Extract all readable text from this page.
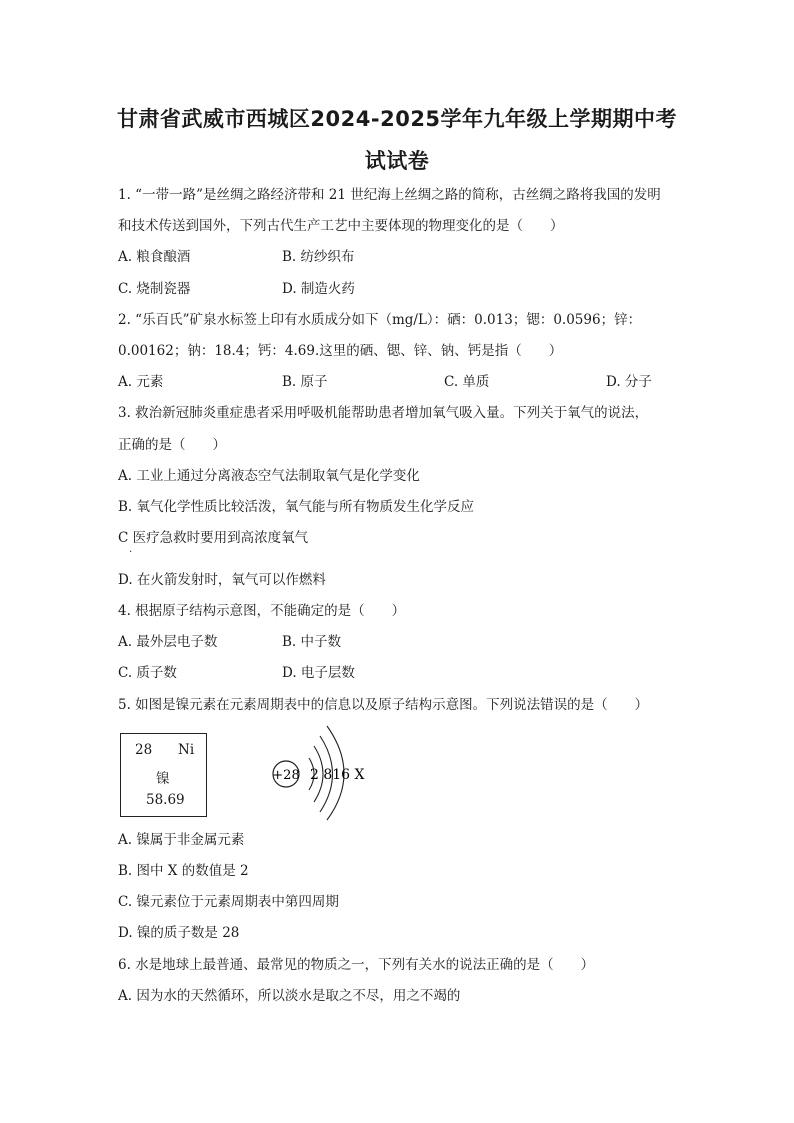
甘肃省武威市西城区2024-2025学年九年级上学期期中考
试试卷
1. “一带一路”是丝绸之路经济带和 21 世纪海上丝绸之路的简称，古丝绸之路将我国的发明
和技术传送到国外，下列古代生产工艺中主要体现的物理变化的是（　　）
A. 粮食酿酒	B. 纺纱织布
C. 烧制瓷器	D. 制造火药
2. “乐百氏”矿泉水标签上印有水质成分如下（mg/L）：硒：0.013；锶：0.0596；锌：
0.00162；钠：18.4；钙：4.69.这里的硒、锶、锌、钠、钙是指（　　）
A. 元素	B. 原子	C. 单质	D. 分子
3. 救治新冠肺炎重症患者采用呼吸机能帮助患者增加氧气吸入量。下列关于氧气的说法，
正确的是（　　）
A. 工业上通过分离液态空气法制取氧气是化学变化
B. 氧气化学性质比较活泼，氧气能与所有物质发生化学反应
C 医疗急救时要用到高浓度氧气
.
D. 在火箭发射时，氧气可以作燃料
4. 根据原子结构示意图，不能确定的是（　　）
A. 最外层电子数	B. 中子数
C. 质子数	D. 电子层数
5. 如图是镍元素在元素周期表中的信息以及原子结构示意图。下列说法错误的是（　　）
28 Ni
镍
58.69
+28 2 816 X
A. 镍属于非金属元素
B. 图中 X 的数值是 2
C. 镍元素位于元素周期表中第四周期
D. 镍的质子数是 28
6. 水是地球上最普通、最常见的物质之一，下列有关水的说法正确的是（　　）
A. 因为水的天然循环，所以淡水是取之不尽，用之不竭的
